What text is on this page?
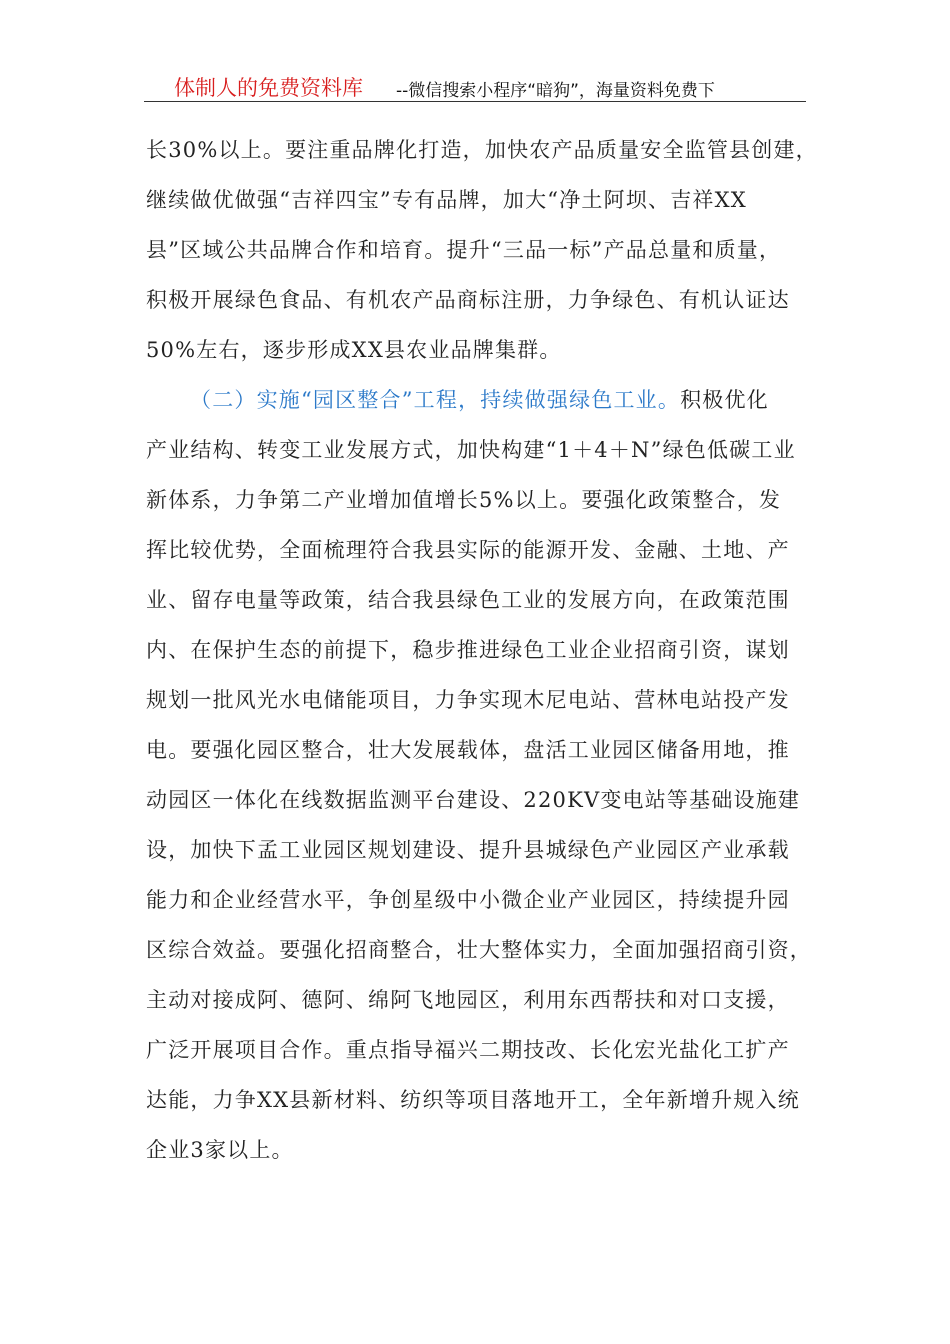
体制人的免费资料库 --微信搜索小程序“暗狗”，海量资料免费下
长30%以上。要注重品牌化打造，加快农产品质量安全监管县创建，
继续做优做强“吉祥四宝”专有品牌，加大“净土阿坝、吉祥XX
县”区域公共品牌合作和培育。提升“三品一标”产品总量和质量，
积极开展绿色食品、有机农产品商标注册，力争绿色、有机认证达
50%左右，逐步形成XX县农业品牌集群。
（二）实施“园区整合”工程，持续做强绿色工业。积极优化
产业结构、转变工业发展方式，加快构建“1＋4＋N”绿色低碳工业
新体系，力争第二产业增加值增长5%以上。要强化政策整合，发
挥比较优势，全面梳理符合我县实际的能源开发、金融、土地、产
业、留存电量等政策，结合我县绿色工业的发展方向，在政策范围
内、在保护生态的前提下，稳步推进绿色工业企业招商引资，谋划
规划一批风光水电储能项目，力争实现木尼电站、营林电站投产发
电。要强化园区整合，壮大发展载体，盘活工业园区储备用地，推
动园区一体化在线数据监测平台建设、220KV变电站等基础设施建
设，加快下孟工业园区规划建设、提升县城绿色产业园区产业承载
能力和企业经营水平，争创星级中小微企业产业园区，持续提升园
区综合效益。要强化招商整合，壮大整体实力，全面加强招商引资，
主动对接成阿、德阿、绵阿飞地园区，利用东西帮扶和对口支援，
广泛开展项目合作。重点指导福兴二期技改、长化宏光盐化工扩产
达能，力争XX县新材料、纺织等项目落地开工，全年新增升规入统
企业3家以上。
